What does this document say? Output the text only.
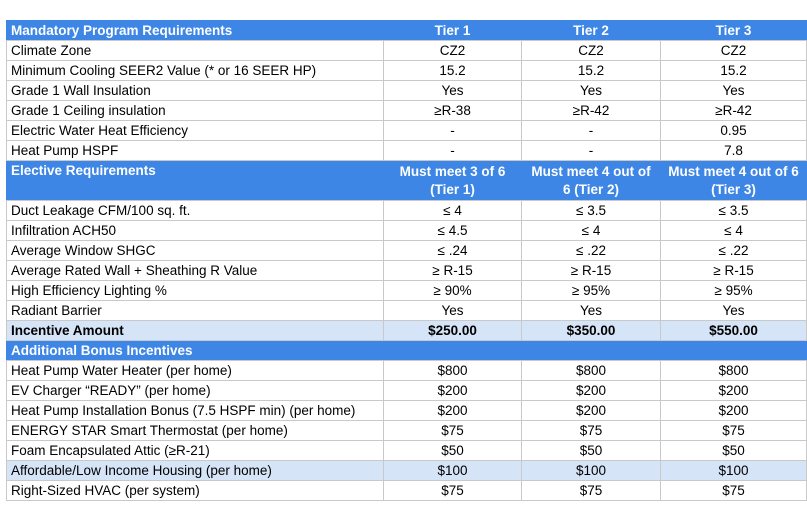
Mandatory Program Requirements	Tier 1	Tier 2	Tier 3
Climate Zone	CZ2	CZ2	CZ2
Minimum Cooling SEER2 Value (* or 16 SEER HP)	15.2	15.2	15.2
Grade 1 Wall Insulation	Yes	Yes	Yes
Grade 1 Ceiling insulation	≥R-38	≥R-42	≥R-42
Electric Water Heat Efficiency	-	-	0.95
Heat Pump HSPF	-	-	7.8
Elective Requirements	Must meet 3 of 6 (Tier 1)	Must meet 4 out of 6 (Tier 2)	Must meet 4 out of 6 (Tier 3)
Duct Leakage CFM/100 sq. ft.	≤ 4	≤ 3.5	≤ 3.5
Infiltration ACH50	≤ 4.5	≤ 4	≤ 4
Average Window SHGC	≤ .24	≤ .22	≤ .22
Average Rated Wall + Sheathing R Value	≥ R-15	≥ R-15	≥ R-15
High Efficiency Lighting %	≥ 90%	≥ 95%	≥ 95%
Radiant Barrier	Yes	Yes	Yes
Incentive Amount	$250.00	$350.00	$550.00
Additional Bonus Incentives			
Heat Pump Water Heater (per home)	$800	$800	$800
EV Charger “READY” (per home)	$200	$200	$200
Heat Pump Installation Bonus (7.5 HSPF min) (per home)	$200	$200	$200
ENERGY STAR Smart Thermostat (per home)	$75	$75	$75
Foam Encapsulated Attic (≥R-21)	$50	$50	$50
Affordable/Low Income Housing (per home)	$100	$100	$100
Right-Sized HVAC (per system)	$75	$75	$75
